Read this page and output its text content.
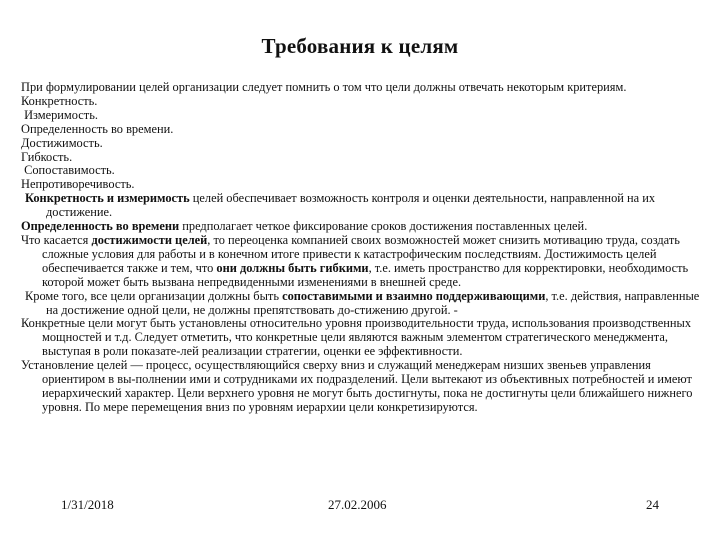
Требования к целям

При формулировании целей организации следует помнить о том что цели должны отвечать некоторым критериям.

Конкретность.

Измеримость.

Определенность во времени.

Достижимость.

Гибкость.

Сопоставимость.

Непротиворечивость.

Конкретность и измеримость целей обеспечивает возможность контроля и оценки деятельности, направленной на их достижение.

Определенность во времени предполагает четкое фиксирование сроков достижения поставленных целей.

Что касается достижимости целей, то переоценка компанией своих возможностей может снизить мотивацию труда, создать сложные условия для работы и в конечном итоге привести к катастрофическим последствиям. Достижимость целей обеспечивается также и тем, что они должны быть гибкими, т.е. иметь пространство для корректировки, необходимость которой может быть вызвана непредвиденными изменениями в внешней среде.

Кроме того, все цели организации должны быть сопоставимыми и взаимно поддерживающими, т.е. действия, направленные на достижение одной цели, не должны препятствовать до-стижению другой. -

Конкретные цели могут быть установлены относительно уровня производительности труда, использования производственных мощностей и т.д. Следует отметить, что конкретные цели являются важным элементом стратегического менеджмента, выступая в роли показате-лей реализации стратегии, оценки ее эффективности.

Установление целей — процесс, осуществляющийся сверху вниз и служащий менеджерам низших звеньев управления ориентиром в вы-полнении ими и сотрудниками их подразделений. Цели вытекают из объективных потребностей и имеют иерархический характер. Цели верхнего уровня не могут быть достигнуты, пока не достигнуты цели ближайшего нижнего уровня. По мере перемещения вниз по уровням иерархии цели конкретизируются.

1/31/2018	27.02.2006	24
